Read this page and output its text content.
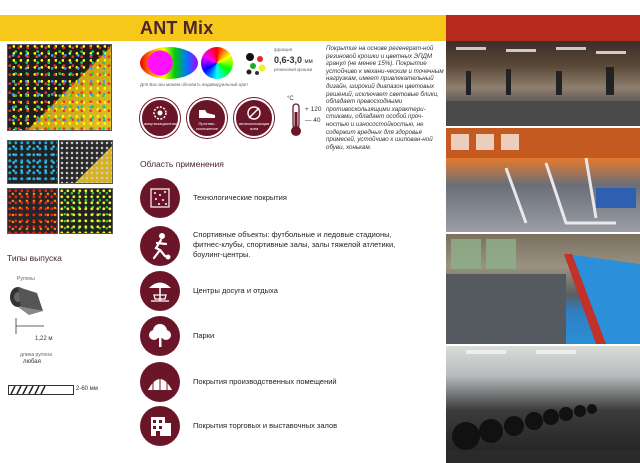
ANT Mix
Типы выпуска
Рулоны
1,22 м
длина рулона
любая
2-60 мм
Для Вас мы можем обновить индивидуальный цвет
фракция
0,6-3,0 мм
резиновой крошки
амортизационная	Противо-скольжение
антискользящая зона
°C
+ 120
— 40
Покрытие на основе регенерат-ной резиновой крошки и цветных ЭПДМ гранул (не менее 15%). Покрытие устойчиво к механи-ческим и точечным нагрузкам, имеет привлекательный дизайн, широкий диапазон цветовых решений, исключает световые блики, обладает превосходными противоскользящими характери-стиками, обладает особой проч-ностью и износостойкостью, не содержит вредных для здоровья примесей, устойчиво к шипован-ной обуви, хонькам.
Область применения
Технологические покрытия
Спортивные объекты: футбольные и ледовые стадионы, фитнес-клубы, спортивные залы, залы тяжелой атлетики, боулинг-центры.
Центры досуга и отдыха
Парки
Покрытия производственных помещений
Покрытия торговых и выставочных залов
